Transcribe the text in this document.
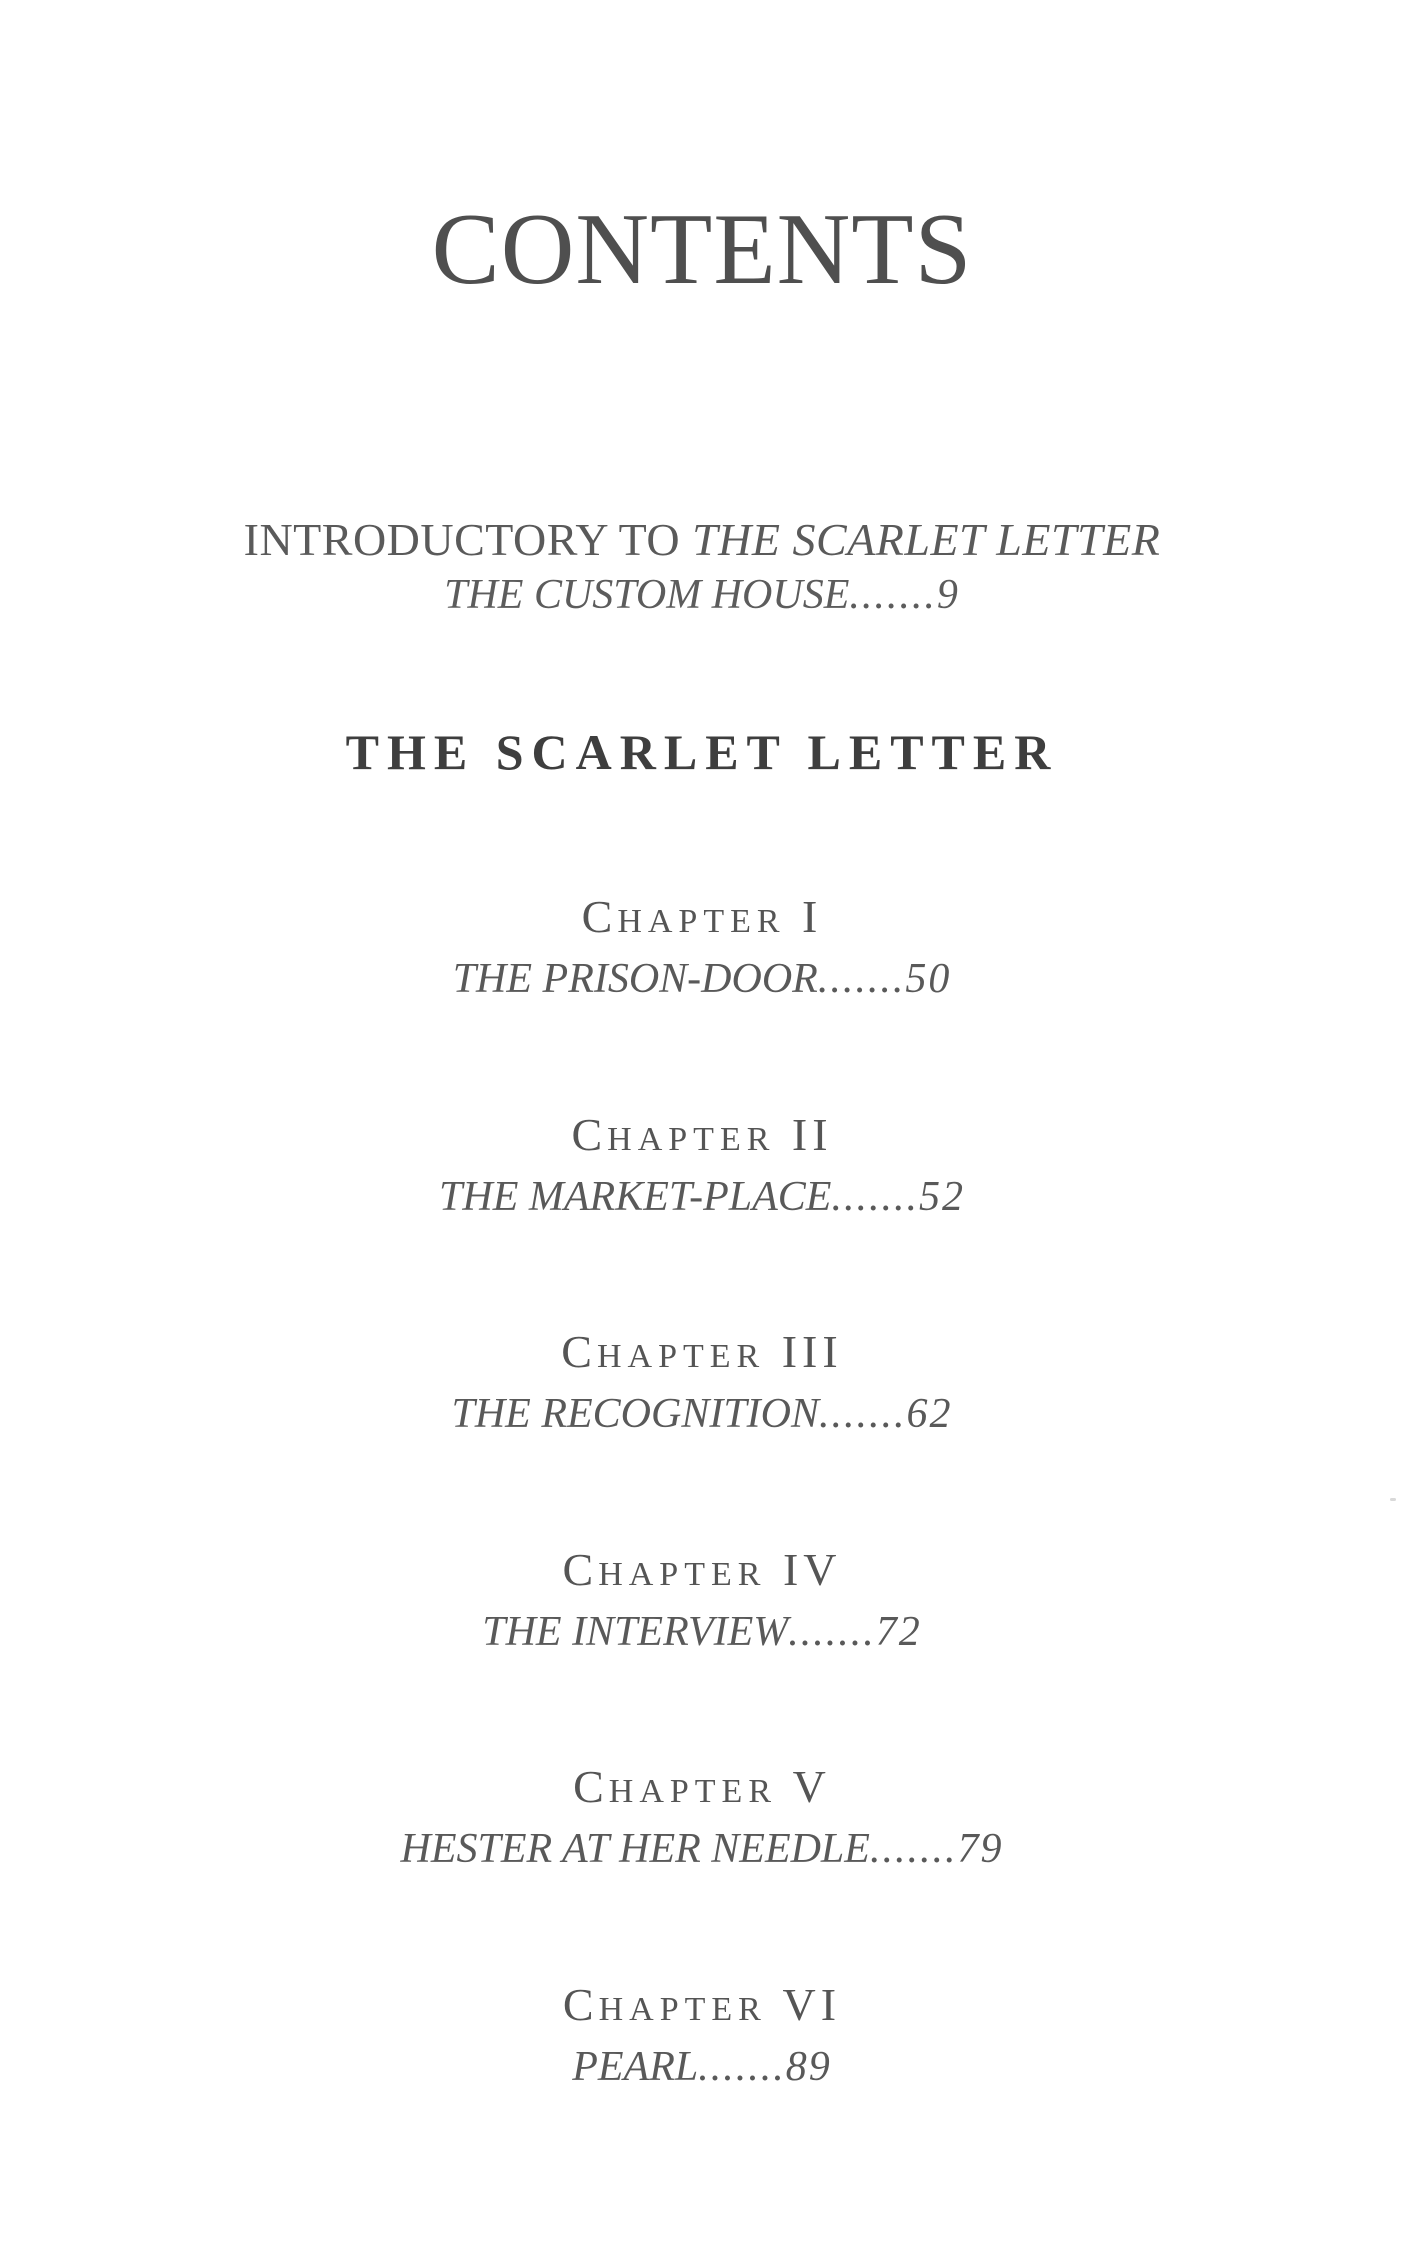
CONTENTS
INTRODUCTORY TO THE SCARLET LETTER
THE CUSTOM HOUSE.......9
THE SCARLET LETTER
CHAPTER I
THE PRISON-DOOR.......50
CHAPTER II
THE MARKET-PLACE.......52
CHAPTER III
THE RECOGNITION.......62
CHAPTER IV
THE INTERVIEW.......72
CHAPTER V
HESTER AT HER NEEDLE.......79
CHAPTER VI
PEARL.......89
